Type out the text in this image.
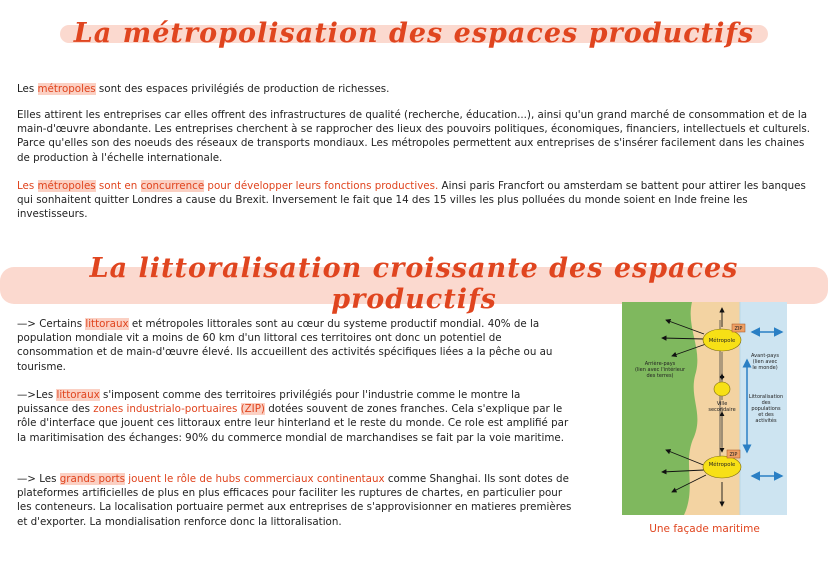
La métropolisation des espaces productifs

Les métropoles sont des espaces privilégiés de production de richesses.

Elles attirent les entreprises car elles offrent des infrastructures de qualité (recherche, éducation...), ainsi qu'un grand marché de consommation et de la main-d'œuvre abondante. Les entreprises cherchent à se rapprocher des lieux des pouvoirs politiques, économiques, financiers, intellectuels et culturels. Parce qu'elles son des noeuds des réseaux de transports mondiaux. Les métropoles permettent aux entreprises de s'insérer facilement dans les chaines de production à l'échelle internationale.

Les métropoles sont en concurrence pour développer leurs fonctions productives. Ainsi paris Francfort ou amsterdam se battent pour attirer les banques qui sonhaitent quitter Londres a cause du Brexit. Inversement le fait que 14 des 15 villes les plus polluées du monde soient en Inde freine les investisseurs.

La littoralisation croissante des espaces productifs

—> Certains littoraux et métropoles littorales sont au cœur du systeme productif mondial. 40% de la population mondiale vit a moins de 60 km d'un littoral ces territoires ont donc un potentiel de consommation et de main-d'œuvre élevé. Ils accueillent des activités spécifiques liées a la pêche ou au tourisme.

—>Les littoraux s'imposent comme des territoires privilégiés pour l'industrie comme le montre la puissance des zones industrialo-portuaires (ZIP) dotées souvent de zones franches. Cela s'explique par le rôle d'interface que jouent ces littoraux entre leur hinterland et le reste du monde. Ce role est amplifié par la maritimisation des échanges: 90% du commerce mondial de marchandises se fait par la voie maritime.

—> Les grands ports jouent le rôle de hubs commerciaux continentaux comme Shanghai. Ils sont dotes de plateformes artificielles de plus en plus efficaces pour faciliter les ruptures de chartes, en particulier pour les conteneurs. La localisation portuaire permet aux entreprises de s'approvisionner en matieres premières et d'exporter. La mondialisation renforce donc la littoralisation.

Métropole
ZIP
Ville
secondaire
Métropole
ZIP
Arrière-pays
(lien avec l'intérieur
des terres)
Avant-pays
(lien avec
le monde)
Littoralisation
des
populations
et des
activités
Une façade maritime
